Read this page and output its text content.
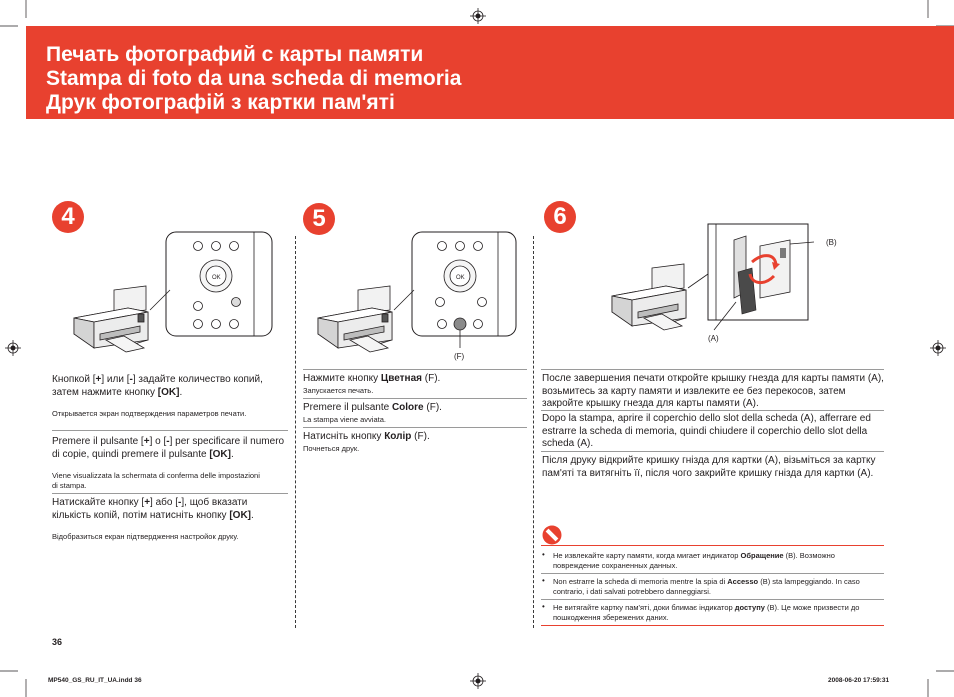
Печать фотографий с карты памяти
Stampa di foto da una scheda di memoria
Друк фотографій з картки пам'яті
4	5	6
OK
Кнопкой [+] или [-] задайте количество копий, затем нажмите кнопку [OK].
Открывается экран подтверждения параметров печати.
Premere il pulsante [+] o [-] per specificare il numero di copie, quindi premere il pulsante [OK].
Viene visualizzata la schermata di conferma delle impostazioni di stampa.
Натискайте кнопку [+] або [-], щоб вказати кількість копій, потім натисніть кнопку [OK].
Відобразиться екран підтвердження настройок друку.
OK
(F)
Нажмите кнопку Цветная (F).
Запускается печать.
Premere il pulsante Colore (F).
La stampa viene avviata.
Натисніть кнопку Колір (F).
Почнеться друк.
(B)
(A)
После завершения печати откройте крышку гнезда для карты памяти (A), возьмитесь за карту памяти и извлеките ее без перекосов, затем закройте крышку гнезда для карты памяти (A).
Dopo la stampa, aprire il coperchio dello slot della scheda (A), afferrare ed estrarre la scheda di memoria, quindi chiudere il coperchio dello slot della scheda (A).
Після друку відкрийте кришку гнізда для картки (A), візьміться за картку пам'яті та витягніть її, після чого закрийте кришку гнізда для картки (A).
• Не извлекайте карту памяти, когда мигает индикатор Обращение (B). Возможно повреждение сохраненных данных.
• Non estrarre la scheda di memoria mentre la spia di Accesso (B) sta lampeggiando. In caso contrario, i dati salvati potrebbero danneggiarsi.
• Не витягайте картку пам'яті, доки блимає індикатор доступу (B). Це може призвести до пошкодження збережених даних.
36
MP540_GS_RU_IT_UA.indd 36	2008-06-20 17:59:31
